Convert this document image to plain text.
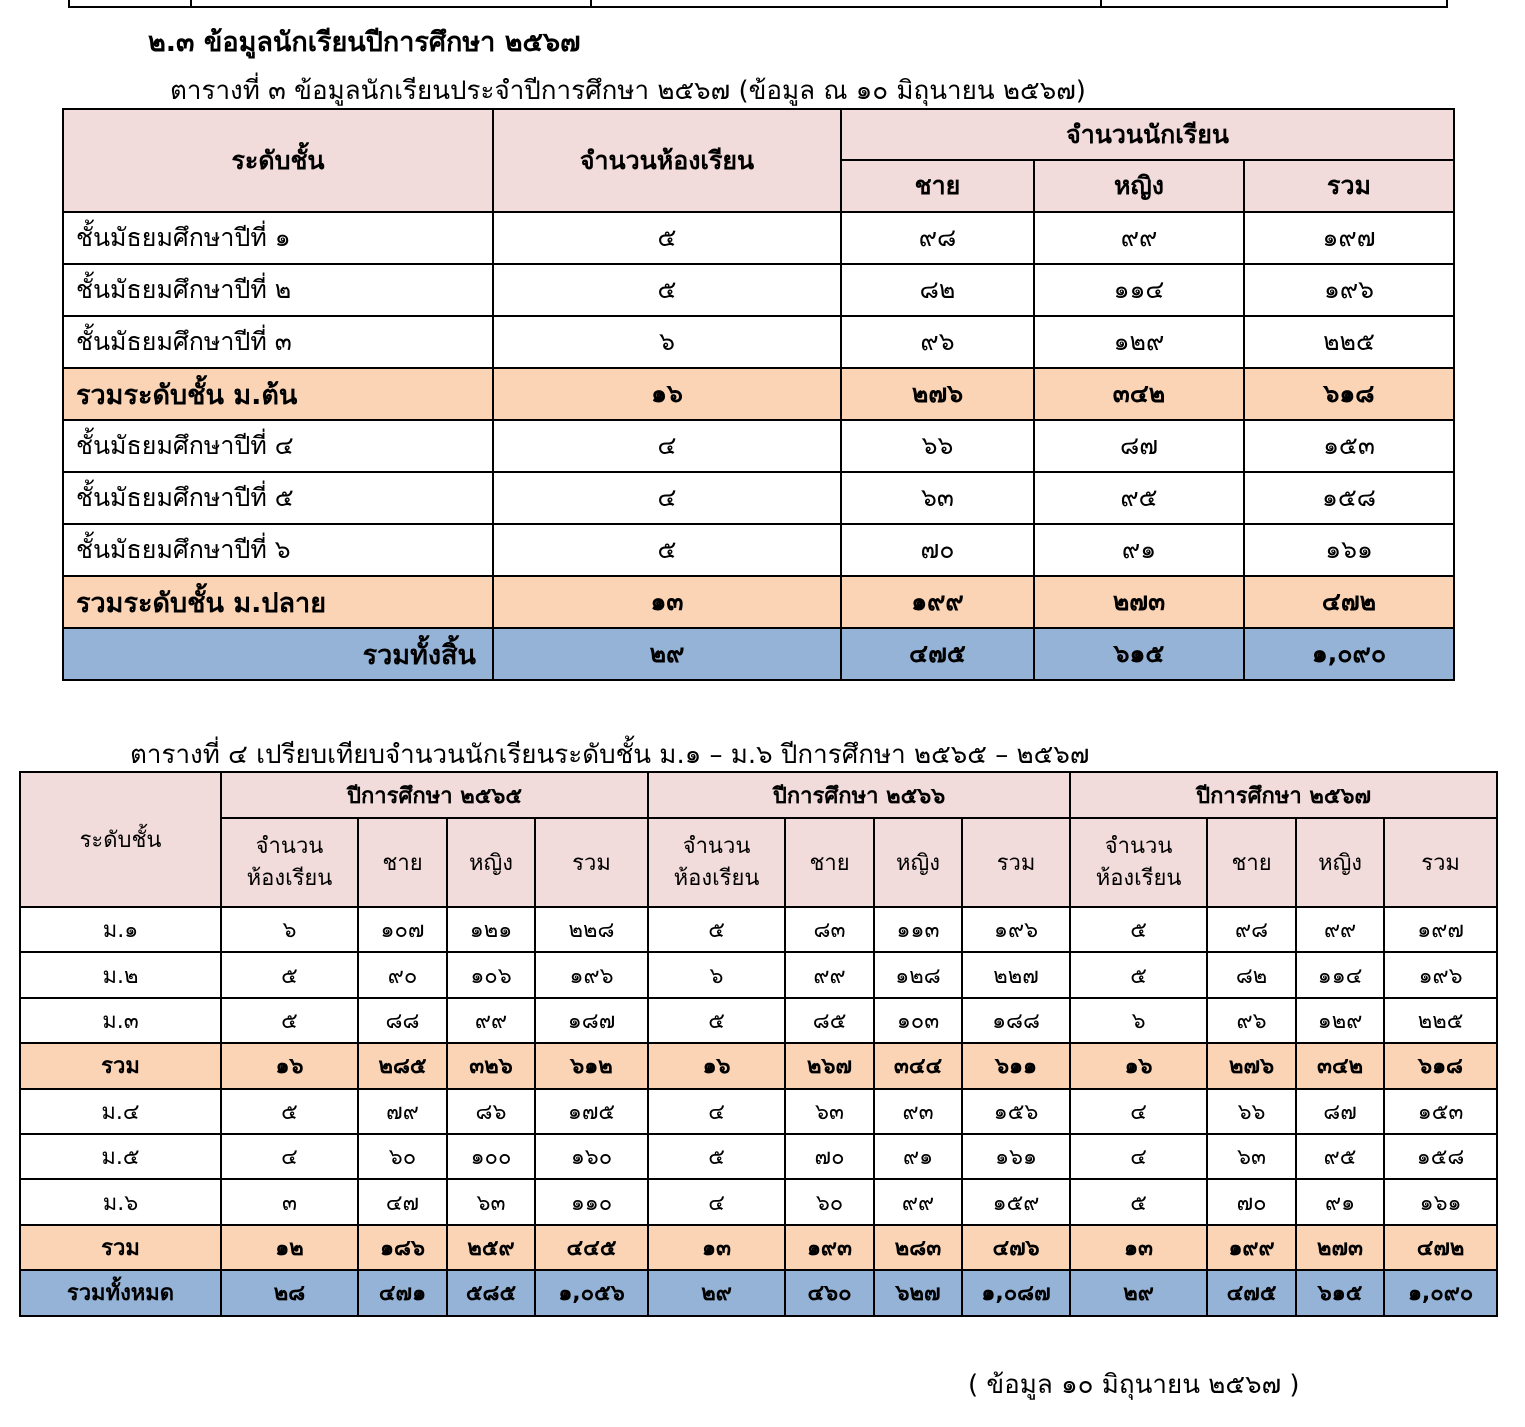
๒.๓ ข้อมูลนักเรียนปีการศึกษา ๒๕๖๗
ตารางที่ ๓ ข้อมูลนักเรียนประจำปีการศึกษา ๒๕๖๗ (ข้อมูล ณ ๑๐ มิถุนายน ๒๕๖๗)
ระดับชั้น	จำนวนห้องเรียน	จำนวนนักเรียน		
		ชาย	หญิง	รวม
ชั้นมัธยมศึกษาปีที่ ๑	๕	๙๘	๙๙	๑๙๗
ชั้นมัธยมศึกษาปีที่ ๒	๕	๘๒	๑๑๔	๑๙๖
ชั้นมัธยมศึกษาปีที่ ๓	๖	๙๖	๑๒๙	๒๒๕
รวมระดับชั้น ม.ต้น	๑๖	๒๗๖	๓๔๒	๖๑๘
ชั้นมัธยมศึกษาปีที่ ๔	๔	๖๖	๘๗	๑๕๓
ชั้นมัธยมศึกษาปีที่ ๕	๔	๖๓	๙๕	๑๕๘
ชั้นมัธยมศึกษาปีที่ ๖	๕	๗๐	๙๑	๑๖๑
รวมระดับชั้น ม.ปลาย	๑๓	๑๙๙	๒๗๓	๔๗๒
รวมทั้งสิ้น	๒๙	๔๗๕	๖๑๕	๑,๐๙๐
ตารางที่ ๔ เปรียบเทียบจำนวนนักเรียนระดับชั้น ม.๑ – ม.๖ ปีการศึกษา ๒๕๖๕ – ๒๕๖๗
ระดับชั้น	ปีการศึกษา ๒๕๖๕				ปีการศึกษา ๒๕๖๖				ปีการศึกษา ๒๕๖๗			
	จำนวน ห้องเรียน	ชาย	หญิง	รวม	จำนวน ห้องเรียน	ชาย	หญิง	รวม	จำนวน ห้องเรียน	ชาย	หญิง	รวม
ม.๑	๖	๑๐๗	๑๒๑	๒๒๘	๕	๘๓	๑๑๓	๑๙๖	๕	๙๘	๙๙	๑๙๗
ม.๒	๕	๙๐	๑๐๖	๑๙๖	๖	๙๙	๑๒๘	๒๒๗	๕	๘๒	๑๑๔	๑๙๖
ม.๓	๕	๘๘	๙๙	๑๘๗	๕	๘๕	๑๐๓	๑๘๘	๖	๙๖	๑๒๙	๒๒๕
รวม	๑๖	๒๘๕	๓๒๖	๖๑๒	๑๖	๒๖๗	๓๔๔	๖๑๑	๑๖	๒๗๖	๓๔๒	๖๑๘
ม.๔	๕	๗๙	๘๖	๑๗๕	๔	๖๓	๙๓	๑๕๖	๔	๖๖	๘๗	๑๕๓
ม.๕	๔	๖๐	๑๐๐	๑๖๐	๕	๗๐	๙๑	๑๖๑	๔	๖๓	๙๕	๑๕๘
ม.๖	๓	๔๗	๖๓	๑๑๐	๔	๖๐	๙๙	๑๕๙	๕	๗๐	๙๑	๑๖๑
รวม	๑๒	๑๘๖	๒๕๙	๔๔๕	๑๓	๑๙๓	๒๘๓	๔๗๖	๑๓	๑๙๙	๒๗๓	๔๗๒
รวมทั้งหมด	๒๘	๔๗๑	๕๘๕	๑,๐๕๖	๒๙	๔๖๐	๖๒๗	๑,๐๘๗	๒๙	๔๗๕	๖๑๕	๑,๐๙๐
( ข้อมูล ๑๐ มิถุนายน ๒๕๖๗ )
